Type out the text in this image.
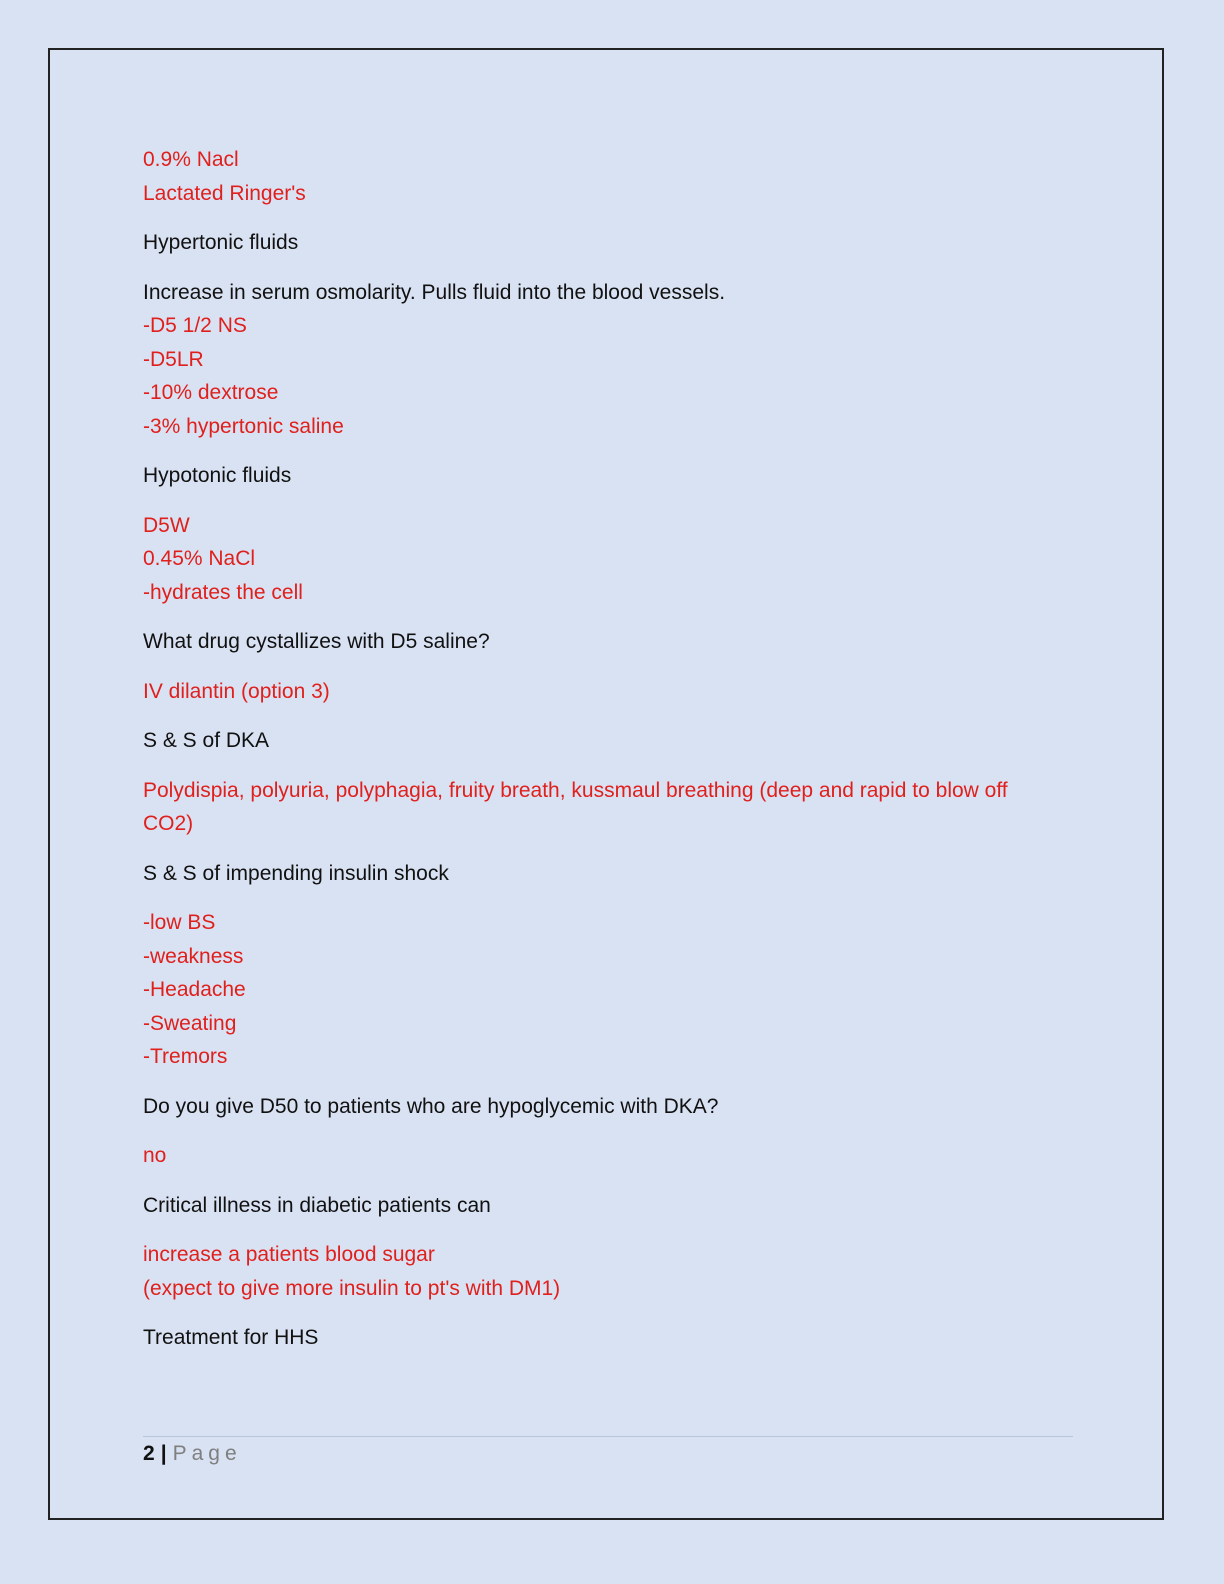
0.9% Nacl
Lactated Ringer's
Hypertonic fluids
Increase in serum osmolarity. Pulls fluid into the blood vessels.
-D5 1/2 NS
-D5LR
-10% dextrose
-3% hypertonic saline
Hypotonic fluids
D5W
0.45% NaCl
-hydrates the cell
What drug cystallizes with D5 saline?
IV dilantin (option 3)
S & S of DKA
Polydispia, polyuria, polyphagia, fruity breath, kussmaul breathing (deep and rapid to blow off CO2)
S & S of impending insulin shock
-low BS
-weakness
-Headache
-Sweating
-Tremors
Do you give D50 to patients who are hypoglycemic with DKA?
no
Critical illness in diabetic patients can
increase a patients blood sugar
(expect to give more insulin to pt's with DM1)
Treatment for HHS
2 | Page
